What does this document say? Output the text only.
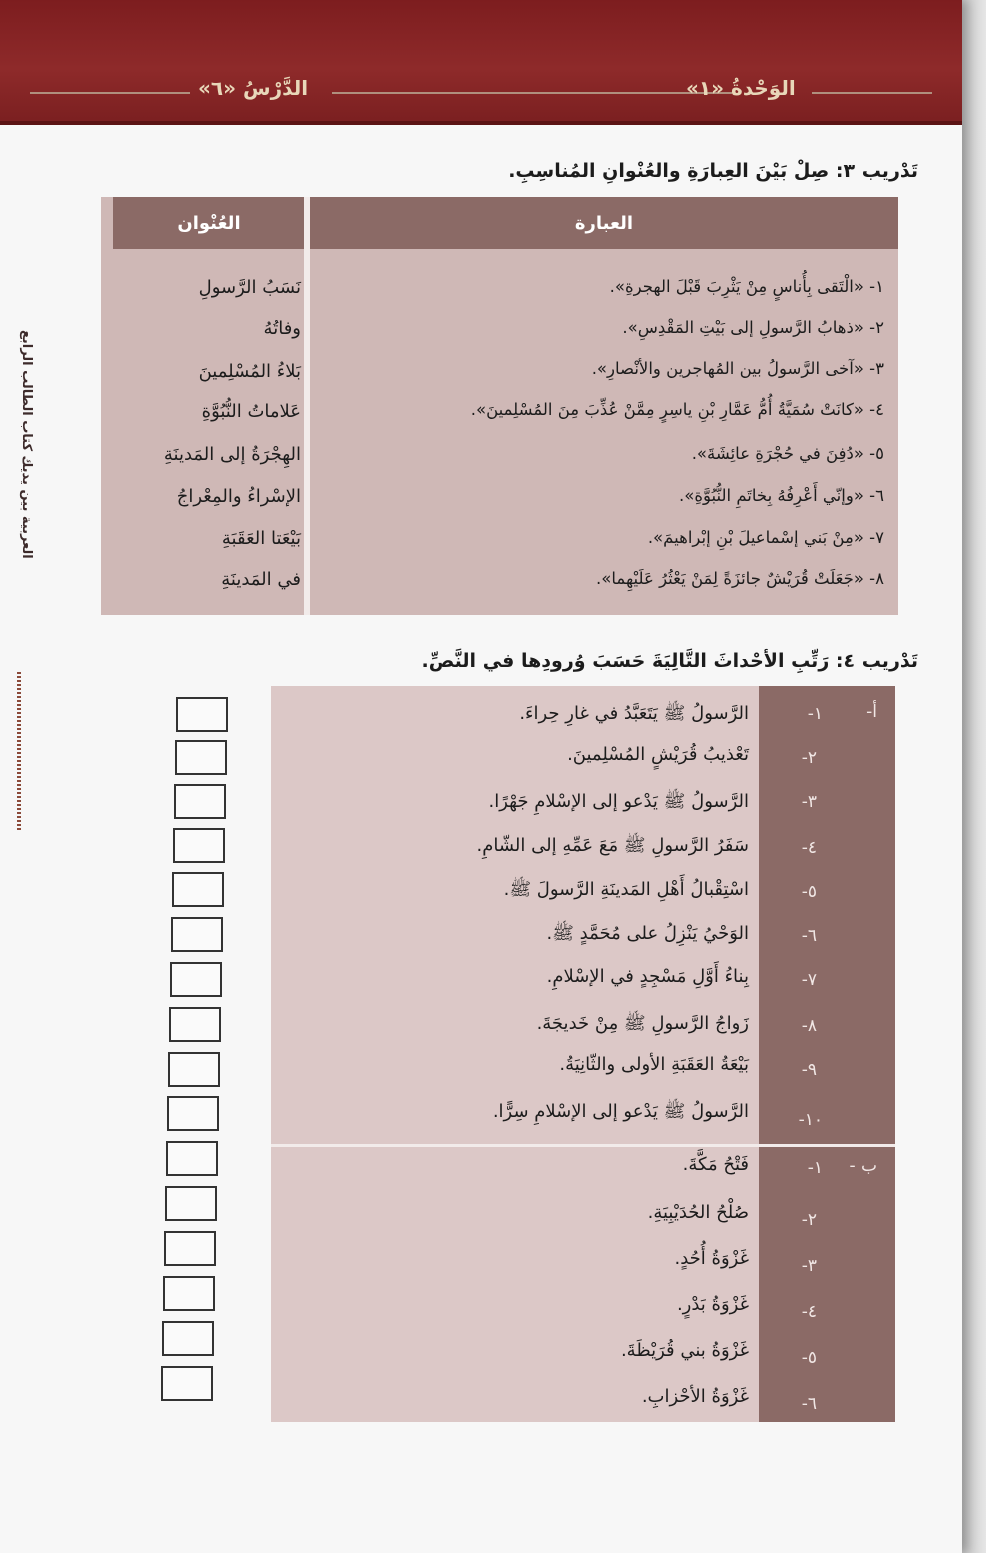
الدَّرْسُ «٦»	الوَحْدةُ «١»
العربية بين يديك كتاب الطالب الرابع
تَدْريب ٣: صِلْ بَيْنَ العِبارَةِ والعُنْوانِ المُناسِبِ.
العُنْوان	العبارة
١- «الْتَقى بِأُناسٍ مِنْ يَثْرِبَ قَبْلَ الهجرةِ».
٢- «ذهابُ الرَّسولِ إلى بَيْتِ المَقْدِسِ».
٣- «آخى الرَّسولُ بين المُهاجرين والأنْصارِ».
٤- «كانَتْ سُمَيَّةُ أُمُّ عَمَّارِ بْنِ ياسِرٍ مِمَّنْ عُذِّبَ مِنَ المُسْلِمينَ».
٥- «دُفِنَ في حُجْرَةِ عائِشَةَ».
٦- «وإنّي أَعْرِفُهُ بِخاتَمِ النُّبُوَّةِ».
٧- «مِنْ بَني إسْماعيلَ بْنِ إبْراهيمَ».
٨- «جَعَلَتْ قُرَيْشٌ جائزَةً لِمَنْ يَعْثُرُ عَلَيْهِما».
نَسَبُ الرَّسولِ
وفاتُهُ
بَلاءُ المُسْلِمينَ
عَلاماتُ النُّبُوَّةِ
الهِجْرَةُ إلى المَدينَةِ
الإسْراءُ والمِعْراجُ
بَيْعَتا العَقَبَةِ
في المَدينَةِ
تَدْريب ٤: رَتِّبِ الأحْداثَ التَّالِيَةَ حَسَبَ وُرودِها في النَّصِّ.
أ-
ب -
١-
الرَّسولُ ﷺ يَتَعَبَّدُ في غارِ حِراءَ.
٢-
تَعْذيبُ قُرَيْشٍ المُسْلِمينَ.
٣-
الرَّسولُ ﷺ يَدْعو إلى الإسْلامِ جَهْرًا.
٤-
سَفَرُ الرَّسولِ ﷺ مَعَ عَمِّهِ إلى الشّامِ.
٥-
اسْتِقْبالُ أَهْلِ المَدينَةِ الرَّسولَ ﷺ.
٦-
الوَحْيُ يَنْزِلُ على مُحَمَّدٍ ﷺ.
٧-
بِناءُ أَوَّلِ مَسْجِدٍ في الإسْلامِ.
٨-
زَواجُ الرَّسولِ ﷺ مِنْ خَديجَةَ.
٩-
بَيْعَةُ العَقَبَةِ الأولى والثّانِيَةُ.
١٠-
الرَّسولُ ﷺ يَدْعو إلى الإسْلامِ سِرًّا.
١-
فَتْحُ مَكَّةَ.
٢-
صُلْحُ الحُدَيْبِيَةِ.
٣-
غَزْوَةُ أُحُدٍ.
٤-
غَزْوَةُ بَدْرٍ.
٥-
غَزْوَةُ بني قُرَيْظَةَ.
٦-
غَزْوَةُ الأحْزابِ.
